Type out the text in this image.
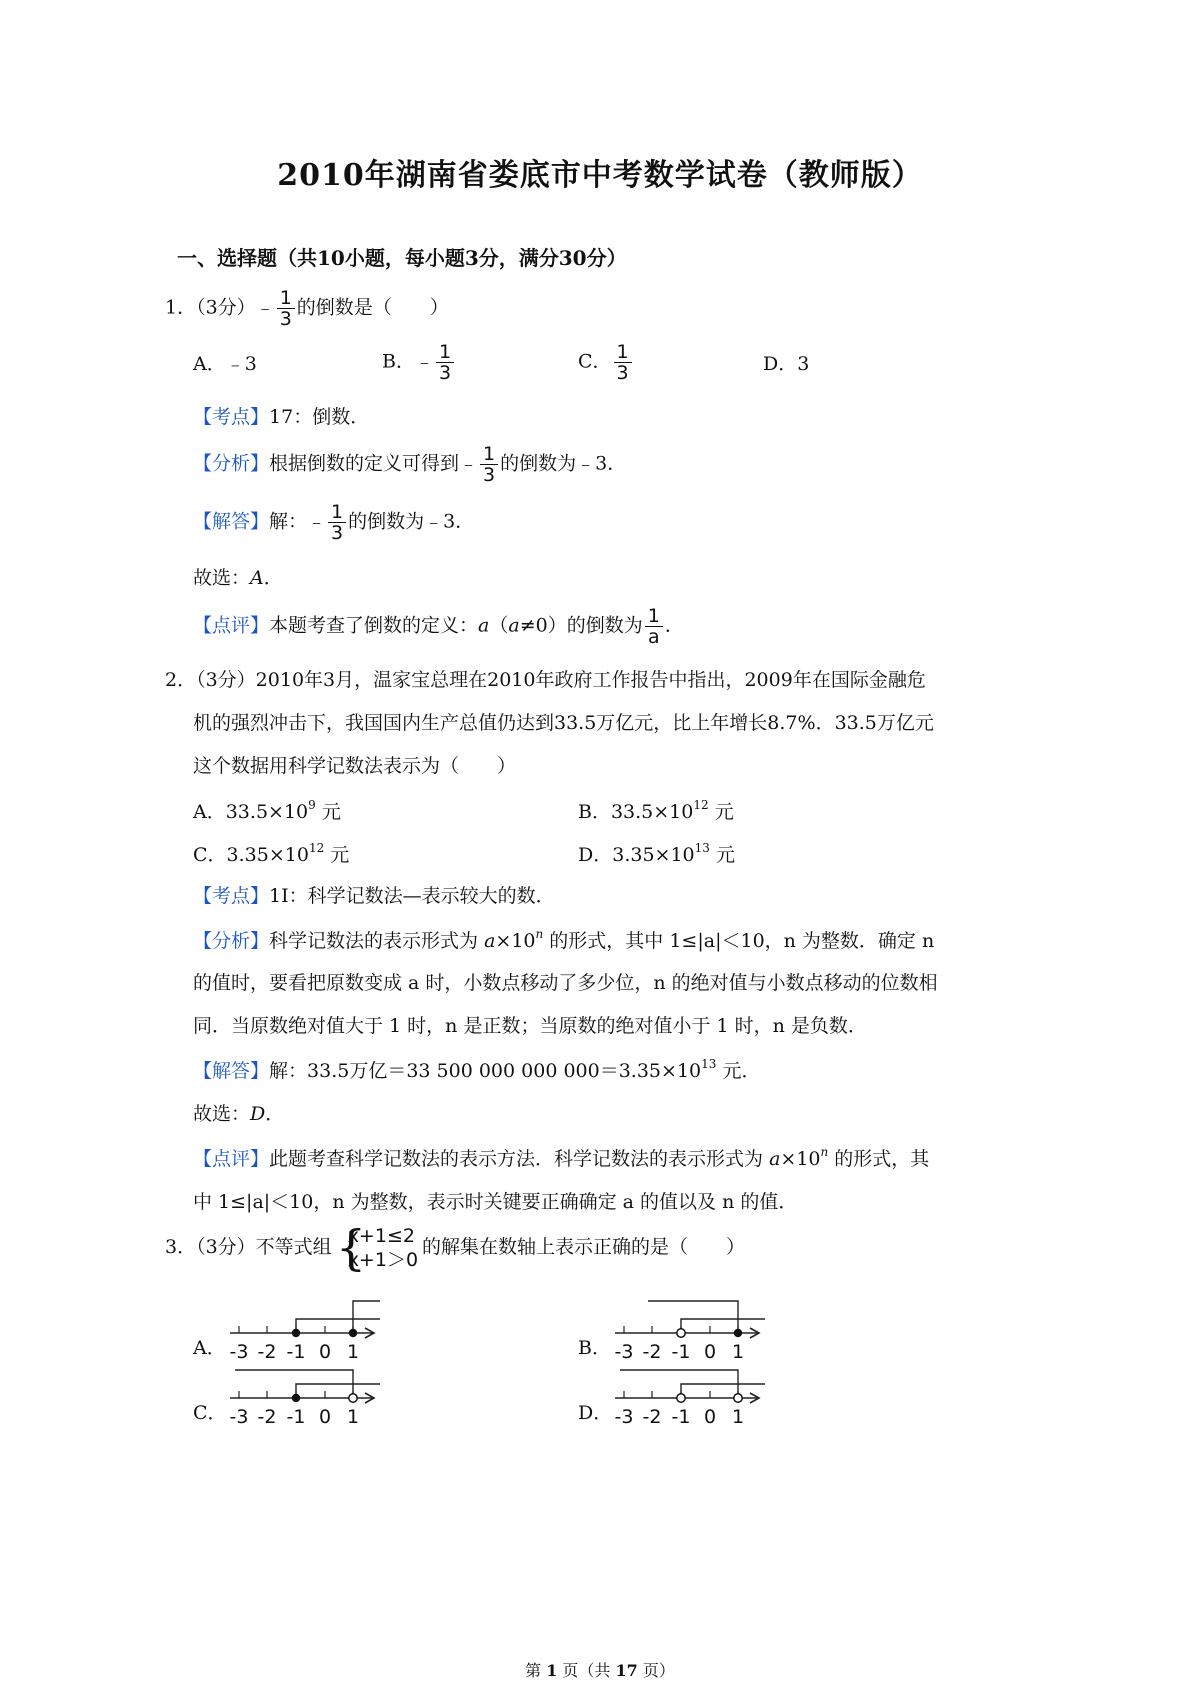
2010年湖南省娄底市中考数学试卷（教师版）
一、选择题（共10小题，每小题3分，满分30分）
1．（3分）﹣ $\frac{1}{3}$ 的倒数是（　　）
A．﹣3	B．﹣ $\frac{1}{3}$	C． $\frac{1}{3}$	D．3
【考点】17：倒数．
【分析】根据倒数的定义可得到﹣ $\frac{1}{3}$ 的倒数为﹣3．
【解答】解：﹣ $\frac{1}{3}$ 的倒数为﹣3．
故选：A．
【点评】本题考查了倒数的定义：a（a≠0）的倒数为 $\frac{1}{a}$ ．
2．（3分）2010年3月，温家宝总理在2010年政府工作报告中指出，2009年在国际金融危
机的强烈冲击下，我国国内生产总值仍达到33.5万亿元，比上年增长8.7%．33.5万亿元
这个数据用科学记数法表示为（　　）
A．$33.5\times 10^9$ 元	B．$33.5\times 10^{12}$ 元
C．$3.35\times 10^{12}$ 元	D．$3.35\times 10^{13}$ 元
【考点】1I：科学记数法—表示较大的数．
【分析】科学记数法的表示形式为 $a\times 10^n$ 的形式，其中 1≤|a|＜10，n 为整数．确定 n
的值时，要看把原数变成 a 时，小数点移动了多少位，n 的绝对值与小数点移动的位数相
同．当原数绝对值大于 1 时，n 是正数；当原数的绝对值小于 1 时，n 是负数．
【解答】解：33.5万亿＝33 500 000 000 $000=3.35\times 10^{13}$ 元．
故选：D．
【点评】此题考查科学记数法的表示方法．科学记数法的表示形式为 $a\times 10^n$ 的形式，其
中 1≤|a|＜10，n 为整数，表示时关键要正确确定 a 的值以及 n 的值．
3．（3分）不等式组 {
x+1≤2
x+1＞0
的解集在数轴上表示正确的是（　　）
A． -3 -2 -1 0 1	B． -3 -2 -1 0 1
C． -3 -2 -1 0 1	D． -3 -2 -1 0 1
第 1 页（共 17 页）
